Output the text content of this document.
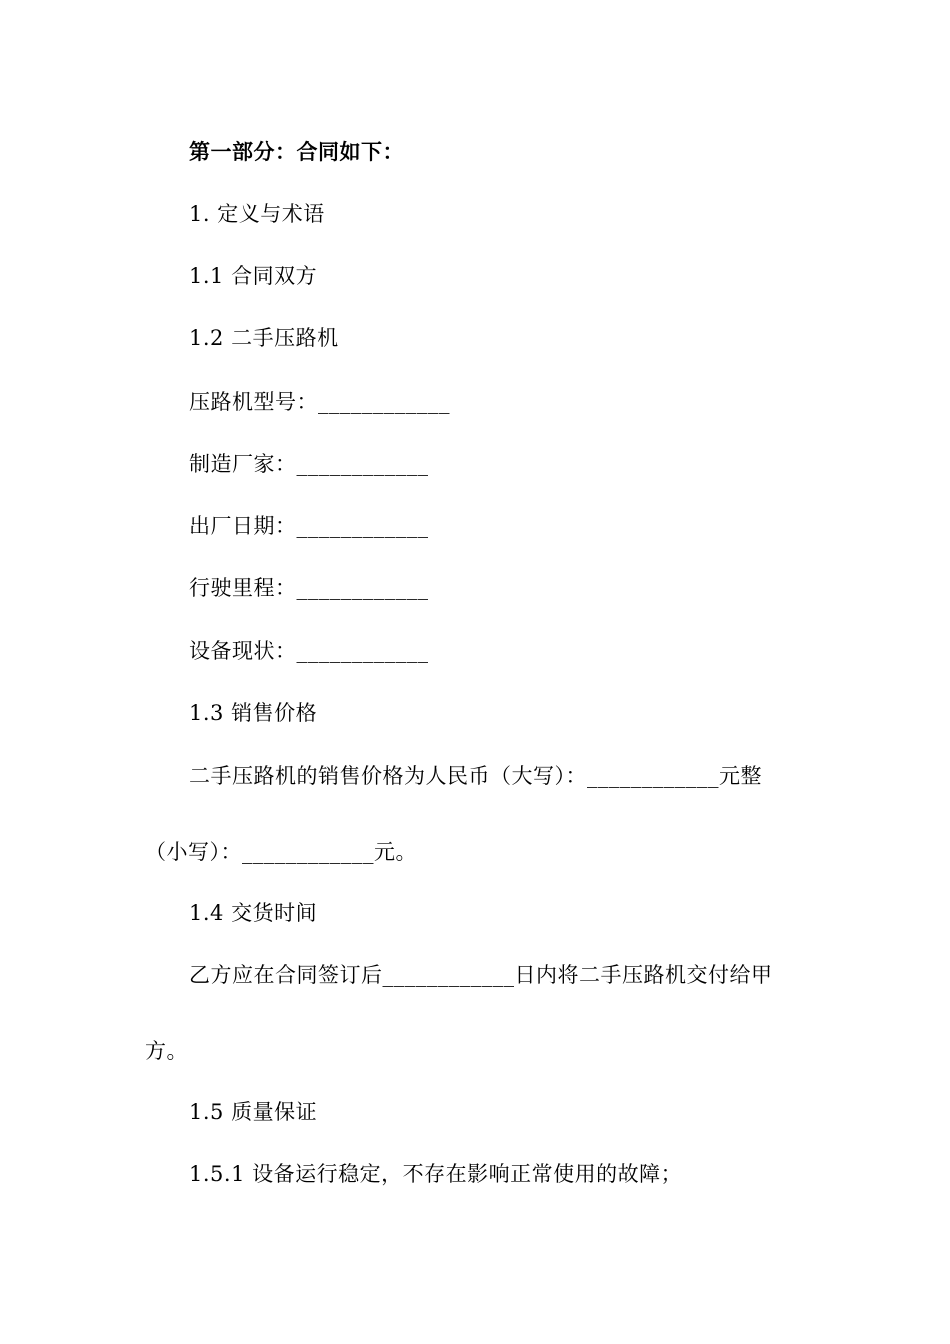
第一部分：合同如下：
1. 定义与术语
1.1 合同双方
1.2 二手压路机
压路机型号：____________
制造厂家：____________
出厂日期：____________
行驶里程：____________
设备现状：____________
1.3 销售价格
二手压路机的销售价格为人民币（大写）：____________元整
（小写）：____________元。
1.4 交货时间
乙方应在合同签订后____________日内将二手压路机交付给甲
方。
1.5 质量保证
1.5.1 设备运行稳定，不存在影响正常使用的故障；
